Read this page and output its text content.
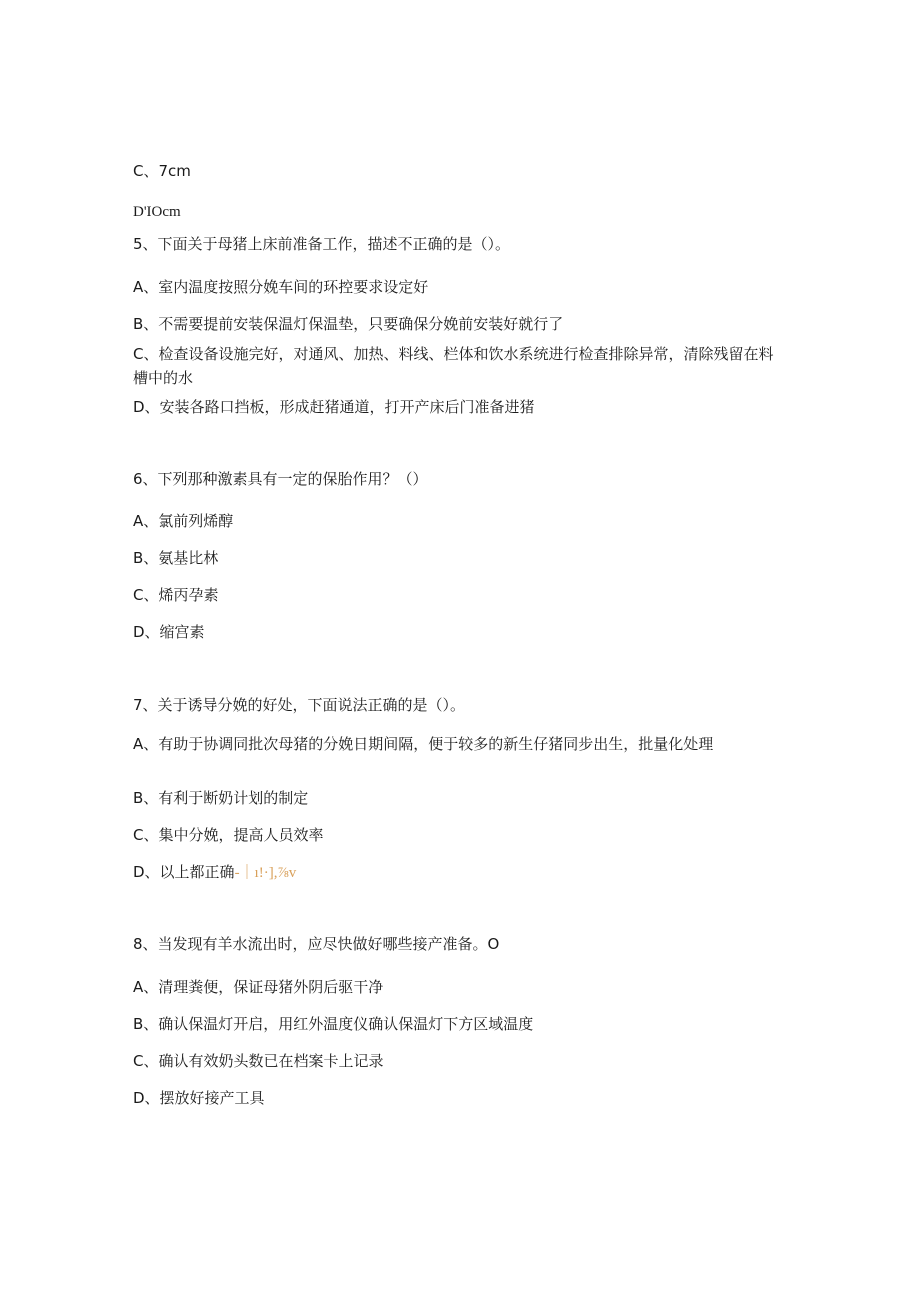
C、7cm
D'IOcm
5、下面关于母猪上床前准备工作，描述不正确的是（）。
A、室内温度按照分娩车间的环控要求设定好
B、不需要提前安装保温灯保温垫，只要确保分娩前安装好就行了
C、检查设备设施完好，对通风、加热、料线、栏体和饮水系统进行检查排除异常，清除残留在料槽中的水
D、安装各路口挡板，形成赶猪通道，打开产床后门准备进猪
6、下列那种激素具有一定的保胎作用？（）
A、氯前列烯醇
B、氨基比林
C、烯丙孕素
D、缩宫素
7、关于诱导分娩的好处，下面说法正确的是（）。
A、有助于协调同批次母猪的分娩日期间隔，便于较多的新生仔猪同步出生，批量化处理
B、有利于断奶计划的制定
C、集中分娩，提高人员效率
D、以上都正确-｜ı!·],⅞v
8、当发现有羊水流出时，应尽快做好哪些接产准备。O
A、清理粪便，保证母猪外阴后驱干净
B、确认保温灯开启，用红外温度仪确认保温灯下方区域温度
C、确认有效奶头数已在档案卡上记录
D、摆放好接产工具
